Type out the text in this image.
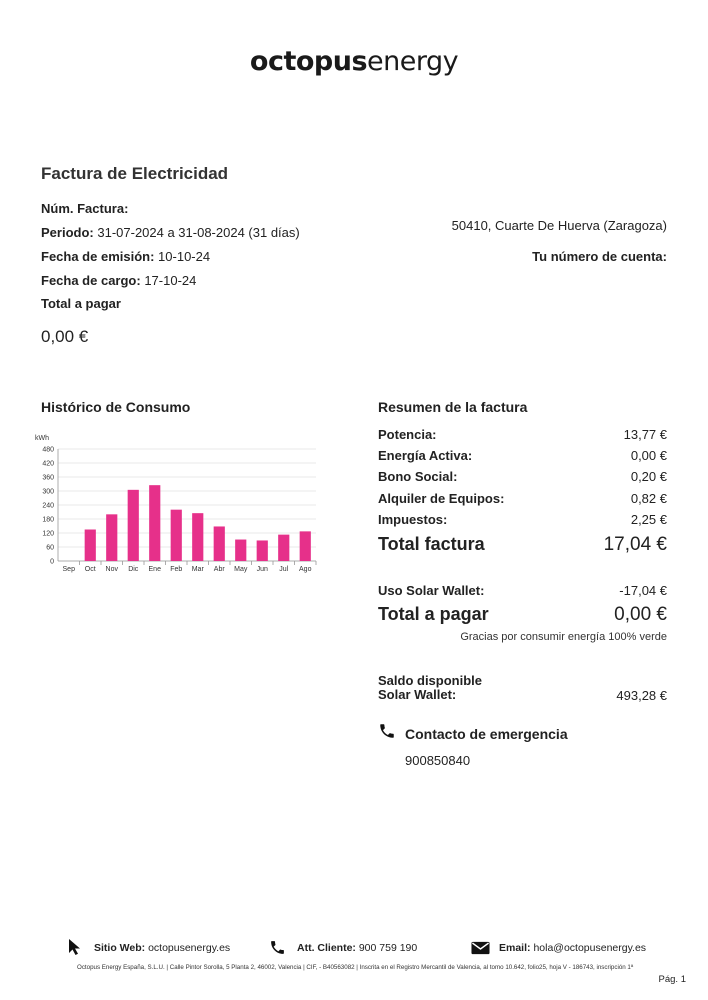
octopusenergy
Factura de Electricidad
Núm. Factura:
Periodo: 31-07-2024 a 31-08-2024 (31 días)
Fecha de emisión: 10-10-24
Fecha de cargo: 17-10-24
Total a pagar
0,00 €
50410, Cuarte De Huerva (Zaragoza)
Tu número de cuenta:
Histórico de Consumo
kWh
0
60
120
180
240
300
360
420
480
Sep Oct Nov Dic Ene Feb Mar Abr May Jun Jul Ago
Resumen de la factura
Potencia:	13,77 €
Energía Activa:	0,00 €
Bono Social:	0,20 €
Alquiler de Equipos:	0,82 €
Impuestos:	2,25 €
Total factura	17,04 €
Uso Solar Wallet:	-17,04 €
Total a pagar	0,00 €
Gracias por consumir energía 100% verde
Saldo disponible
Solar Wallet:	493,28 €
Contacto de emergencia
900850840
Sitio Web: octopusenergy.es	Att. Cliente: 900 759 190	Email: hola@octopusenergy.es
Octopus Energy España, S.L.U. | Calle Pintor Sorolla, 5 Planta 2, 46002, Valencia | CIF, - B40563082 | Inscrita en el Registro Mercantil de Valencia, al tomo 10.642, folio25, hoja V - 186743, inscripción 1ª
Pág. 1
